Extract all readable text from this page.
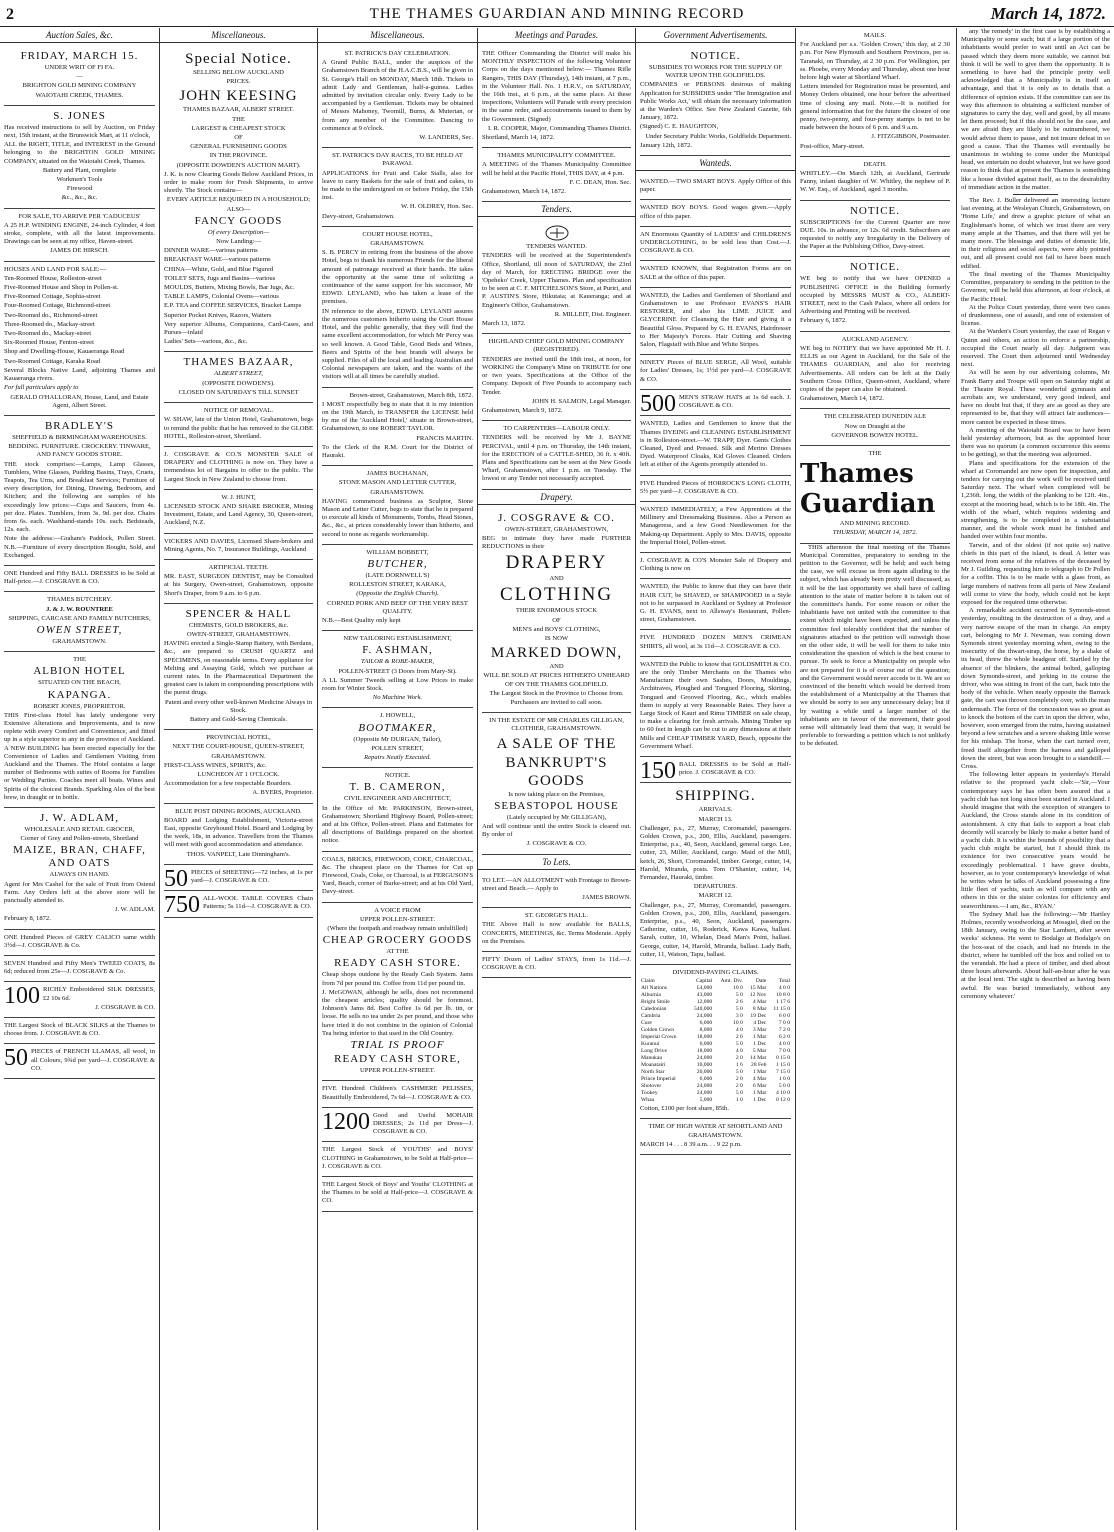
2	THE THAMES GUARDIAN AND MINING RECORD	March 14, 1872.
Auction Sales, &c.

FRIDAY, MARCH 15.

UNDER WRIT OF FI FA.

—

BRIGHTON GOLD MINING COMPANY

WAIOTAHI CREEK, THAMES.

S. JONES

Has received instructions to sell by Auction, on Friday next, 15th instant, at the Brunswick Mart, at 11 o'clock,

ALL the RIGHT, TITLE, and INTEREST in the Ground belonging to the BRIGHTON GOLD MINING COMPANY, situated on the Waiotahi Creek, Thames.

Battery and Plant, complete

Workmen's Tools

Firewood

&c., &c., &c.

FOR SALE, TO ARRIVE PER 'CADUCEUS'

A 25 H.P. WINDING ENGINE, 24-inch Cylinder, 4 feet stroke, complete, with all the latest improvements. Drawings can be seen at my office, Haven-street.

JAMES DE HIRSCH.

HOUSES AND LAND FOR SALE:—

Ten-Roomed House, Rolleston-street

Five-Roomed House and Shop in Pollen-st.

Five-Roomed Cottage, Sophia-street

Four-Roomed Cottage, Richmond-street

Two-Roomed do., Richmond-street

Three-Roomed do., Mackay-street

Two-Roomed do., Mackay-street

Six-Roomed House, Fenton-street

Shop and Dwelling-House, Kauaeranga Road

Two-Roomed Cottage, Karaka Road

Several Blocks Native Land, adjoining Thames and Kauaeranga rivers.

For full particulars apply to

GERALD O'HALLORAN, House, Land, and Estate Agent, Albert Street.

BRADLEY'S

SHEFFIELD & BIRMINGHAM WAREHOUSES.

BEDDING. FURNITURE. CROCKERY. TINWARE, AND FANCY GOODS STORE.

THE stock comprises:—Lamps, Lamp Glasses, Tumblers, Wine Glasses, Pudding Basins, Trays, Cruets, Teapots, Tea Urns, and Breakfast Services; Furniture of every description, for Dining, Drawing, Bedroom, and Kitchen; and the following are samples of his exceedingly low prices:—Cups and Saucers, from 4s. per doz. Plates. Tumblers, from 3s. 9d. per doz. Chairs from 6s. each. Washhand-stands 10s. each. Bedsteads, 12s. each.

Note the address:—Graham's Paddock, Pollen Street. N.B.—Furniture of every description Bought, Sold, and Exchanged.

ONE Hundred and Fifty BALL DRESSES to be Sold at Half-price.—J. COSGRAVE & CO.

THAMES BUTCHERY.

J. & J. W. ROUNTREE

SHIPPING, CARCASE AND FAMILY BUTCHERS,

OWEN STREET,

GRAHAMSTOWN.

THE

ALBION HOTEL

SITUATED ON THE BEACH,

KAPANGA.

ROBERT JONES, PROPRIETOR.

THIS First-class Hotel has lately undergone very Extensive Alterations and Improvements, and is now replete with every Comfort and Convenience, and fitted up in a style superior to any in the province of Auckland. A NEW BUILDING has been erected especially for the Convenience of Ladies and Gentlemen Visiting from Auckland and the Thames. The Hotel contains a large number of Bedrooms with suites of Rooms for Families or Wedding Parties. Coaches meet all boats. Wines and Spirits of the choicest Brands. Sparkling Ales of the best brew, in draught or in bottle.

J. W. ADLAM,

WHOLESALE AND RETAIL GROCER,

Corner of Grey and Pollen-streets, Shortland

MAIZE, BRAN, CHAFF, AND OATS

ALWAYS ON HAND.

Agent for Mrs Cashel for the sale of Fruit from Ostend Farm. Any Orders left at the above store will be punctually attended to.

J. W. ADLAM.

February 8, 1872.

ONE Hundred Pieces of GREY CALICO same width 3½d—J. COSGRAVE & Co.

SEVEN Hundred and Fifty Men's TWEED COATS, 8s 6d; reduced from 25s—J. COSGRAVE & Co.

100 RICHLY Embroidered SILK DRESSES, £2 10s 6d.

J. COSGRAVE & CO.

THE Largest Stock of BLACK SILKS at the Thames to choose from. J. COSGRAVE & CO.

50 PIECES of FRENCH LLAMAS, all wool, in all Colours, 9¾d per yard—J. COSGRAVE & CO.

Miscellaneous.

Special Notice.

SELLING BELOW AUCKLAND

PRICES.

JOHN KEESING

THAMES BAZAAR, ALBERT STREET.

THE

LARGEST & CHEAPEST STOCK

OF

GENERAL FURNISHING GOODS

IN THE PROVINCE.

(OPPOSITE DOWDEN'S AUCTION MART).

J. K. is now Clearing Goods Below Auckland Prices, in order to make room for Fresh Shipments, to arrive shortly. The Stock contains—

EVERY ARTICLE REQUIRED IN A HOUSEHOLD;

ALSO—

FANCY GOODS

Of every Description—

Now Landing:—

DINNER WARE—various patterns

BREAKFAST WARE—various patterns

CHINA—White, Gold, and Blue Figured

TOILET SETS, Jugs and Basins—various

MOULDS, Butters, Mixing Bowls, Bar Jugs, &c.

TABLE LAMPS, Colonial Ovens—various

E.P. TEA and COFFEE SERVICES, Bracket Lamps

Superior Pocket Knives, Razors, Waiters

Very superior Albums, Companions, Card-Cases, and Purses—inlaid

Ladies' Sets—various, &c., &c.

THAMES BAZAAR,

ALBERT STREET,

(OPPOSITE DOWDEN'S).

CLOSED ON SATURDAY'S TILL SUNSET

NOTICE OF REMOVAL.

W. SHAW, late of the Union Hotel, Grahamstown, begs to remind the public that he has removed to the GLOBE HOTEL, Rolleston-street, Shortland.

J. COSGRAVE & CO.'S MONSTER SALE of DRAPERY and CLOTHING is now on. They have a tremendous lot of Bargains to offer to the public. The Largest Stock in New Zealand to choose from.

W. J. HUNT,

LICENSED STOCK AND SHARE BROKER, Mining Investment, Estate, and Land Agency, 30, Queen-street, Auckland, N.Z.

VICKERS AND DAVIES, Licensed Share-brokers and Mining Agents, No. 7, Insurance Buildings, Auckland

ARTIFICIAL TEETH.

MR. EAST, SURGEON DENTIST, may be Consulted at his Surgery, Owen-street, Grahamstown, opposite Short's Draper, from 9 a.m. to 6 p.m.

SPENCER & HALL

CHEMISTS, GOLD BROKERS, &c.

OWEN-STREET, GRAHAMSTOWN.

HAVING erected a Single-Stamp Battery, with Berdans, &c., are prepared to CRUSH QUARTZ and SPECIMENS, on reasonable terms. Every appliance for Melting and Assaying Gold, which we purchase at current rates. In the Pharmaceutical Department the greatest care is taken in compounding prescriptions with the purest drugs.

Patent and every other well-known Medicine Always in Stock.

Battery and Gold-Saving Chemicals.

PROVINCIAL HOTEL,

NEXT THE COURT-HOUSE, QUEEN-STREET,

GRAHAMSTOWN.

FIRST-CLASS WINES, SPIRITS, &c.

LUNCHEON AT 1 O'CLOCK.

Accommodation for a few respectable Boarders.

A. BYERS, Proprietor.

BLUE POST DINING ROOMS, AUCKLAND.

BOARD and Lodging Establishment, Victoria-street East, opposite Greyhound Hotel. Board and Lodging by the week, 18s, in advance. Travellers from the Thames will meet with good accommodation and attendance.

THOS. VANPELT, Late Dinningham's.

50 PIECES of SHEETING—72 inches, at 1s per yard—J. COSGRAVE & CO.

750 ALL-WOOL TABLE COVERS Chain Patterns; 5s 11d—J. COSGRAVE & CO.

Miscellaneous.

ST. PATRICK'S DAY CELEBRATION.

A Grand Public BALL, under the auspices of the Grahamstown Branch of the H.A.C.B.S., will be given in St. George's Hall on MONDAY, March 18th. Tickets to admit Lady and Gentleman, half-a-guinea. Ladies admitted by invitation circular only. Every Lady to be accompanied by a Gentleman. Tickets may be obtained of Messrs Mahoney, Twomill, Burns, & Mutertan, or from any member of the Committee. Dancing to commence at 9 o'clock.

W. LANDERS, Sec.

ST. PATRICK'S DAY RACES, TO BE HELD AT PARAWAI.

APPLICATIONS for Fruit and Cake Stalls, also for leave to carry Baskets for the sale of fruit and cakes, to be made to the undersigned on or before Friday, the 15th inst.

W. H. OLDREY, Hon. Sec.

Davy-street, Grahamstown.

COURT HOUSE HOTEL,

GRAHAMSTOWN.

S. B. PERCY in retiring from the business of the above Hotel, begs to thank his numerous Friends for the liberal amount of patronage received at their hands. He takes the opportunity at the same time of soliciting a continuance of the same support for his successor, Mr EDWD. LEYLAND, who has taken a lease of the premises.

IN reference to the above, EDWD. LEYLAND assures the numerous customers hitherto using the Court House Hotel, and the public generally, that they will find the same excellent accommodation, for which Mr Percy was so well known. A Good Table, Good Beds and Wines, Beers and Spirits of the best brands will always be supplied. Files of all the local and leading Australian and Colonial newspapers are taken, and the wants of the visitors will at all times be carefully studied.

Brown-street, Grahamstown, March 8th, 1872.

I MOST respectfully beg to state that it is my intention on the 19th March, to TRANSFER the LICENSE held by me of the 'Auckland Hotel,' situate in Brown-street, Grahamstown, to one ROBERT TAYLOR.

FRANCIS MARTIN.

To the Clerk of the R.M. Court for the District of Hauraki.

JAMES BUCHANAN,

STONE MASON AND LETTER CUTTER,

GRAHAMSTOWN.

HAVING commenced business as Sculptor, Stone Mason and Letter Cutter, begs to state that he is prepared to execute all kinds of Monuments, Tombs, Head Stones, &c., &c., at prices considerably lower than hitherto, and second to none as regards workmanship.

WILLIAM BOBBETT,

BUTCHER,

(LATE DORNWELL'S)

ROLLESTON STREET, KARAKA,

(Opposite the English Church).

CORNED PORK AND BEEF OF THE VERY BEST QUALITY.

N.B.—Best Quality only kept

NEW TAILORING ESTABLISHMENT,

F. ASHMAN,

TAILOR & ROBE-MAKER,

POLLEN-STREET (3 Doors from Mary-St).

A LL Summer Tweeds selling at Low Prices to make room for Winter Stock.

No Machine Work.

J. HOWELL,

BOOTMAKER,

(Opposite Mr DURGAN, Tailor),

POLLEN STREET,

Repairs Neatly Executed.

NOTICE.

T. B. CAMERON,

CIVIL ENGINEER AND ARCHITECT,

In the Office of Mr. PARKINSON, Brown-street, Grahamstown; Shortland Highway Board, Pollen-street; and at his Office, Pollen-street. Plans and Estimates for all descriptions of Buildings prepared on the shortest notice.

COALS, BRICKS, FIREWOOD, COKE, CHARCOAL, &c. The cheapest place on the Thames for Cut up Firewood, Coals, Coke, or Charcoal, is at FERGUSON'S Yard, Beach, corner of Burke-street; and at his Old Yard, Davy-street.

A VOICE FROM

UPPER POLLEN-STREET.

(Where the footpath and roadway remain unfulfilled)

CHEAP GROCERY GOODS

AT THE

READY CASH STORE.

Cheap shops outdone by the Ready Cash System. Jams from 7d per pound tin. Coffee from 11d per pound tin.

J. McGOWAN, although he sells, does not recommend the cheapest articles; quality should be foremost. Johnson's Jams 8d. Best Coffee 1s 6d per lb. tin, or loose. He sells no tea under 2s per pound, and those who have tried it do not combine in the opinion of Colonial Tea being inferior to that used in the Old Country.

TRIAL IS PROOF

READY CASH STORE,

UPPER POLLEN-STREET.

FIVE Hundred Children's CASHMERE PELISSES, Beautifully Embroidered, 7s 6d—J. COSGRAVE & CO.

1200 Good and Useful MOHAIR DRESSES; 2s 11d per Dress—J. COSGRAVE & CO.

THE Largest Stock of YOUTHS' and BOYS' CLOTHING in Grahamstown, to be Sold at Half-price—J. COSGRAVE & CO.

THE Largest Stock of Boys' and Youths' CLOTHING at the Thames to be sold at Half-price—J. COSGRAVE & CO.

Meetings and Parades.

THE Officer Commanding the District will make his MONTHLY INSPECTION of the following Volunteer Corps on the days mentioned below:— Thames Rifle Rangers, THIS DAY (Thursday), 14th instant, at 7 p.m., in the Volunteer Hall. No. 1 H.R.V., on SATURDAY, the 16th inst., at 6 p.m., at the same place. At these inspections, Volunteers will Parade with every precision in the same order, and accoutrements issued to them by the Government. (Signed)

I. R. COOPER, Major, Commanding Thames District.

Shortland, March 14, 1872.

THAMES MUNICIPALITY COMMITTEE.

A MEETING of the Thames Municipality Committee will be held at the Pacific Hotel, THIS DAY, at 4 p.m.

F. C. DEAN, Hon. Sec.

Grahamstown, March 14, 1872.

Tenders.

TENDERS WANTED.

TENDERS will be received at the Superintendent's Office, Shortland, till noon of SATURDAY, the 23rd day of March, for ERECTING BRIDGE over the 'Opeheko' Creek, Upper Thames. Plan and specification to be seen at C. F. MITCHELSON'S Store, at Puriri, and P. AUSTIN'S Store, Hikutaia; at Kaueranga; and at Engineer's Office, Grahamstown.

R. MILLEIT, Dist. Engineer.

March 13, 1872.

HIGHLAND CHIEF GOLD MINING COMPANY (REGISTERED).

TENDERS are invited until the 18th inst., at noon, for WORKING the Company's Mine on TRIBUTE for one or two years. Specifications at the Office of the Company. Deposit of Five Pounds to accompany each Tender.

JOHN H. SALMON, Legal Manager.

Grahamstown, March 9, 1872.

TO CARPENTERS—LABOUR ONLY.

TENDERS will be received by Mr J. BAYNE PERCIVAL, until 4 p.m. on Thursday, the 14th instant, for the ERECTION of a CATTLE-SHED, 36 ft. x 40ft. Plans and Specifications can be seen at the New Goods Wharf, Grahamstown, after 1 p.m. on Tuesday. The lowest or any Tender not necessarily accepted.

Drapery.

J. COSGRAVE & CO.

OWEN-STREET, GRAHAMSTOWN,

BEG to intimate they have made FURTHER REDUCTIONS in their

DRAPERY

AND

CLOTHING

THEIR ENORMOUS STOCK

OF

MEN'S and BOYS' CLOTHING,

IS NOW

MARKED DOWN,

AND

WILL BE SOLD AT PRICES HITHERTO UNHEARD OF ON THE THAMES GOLDFIELD.

The Largest Stock in the Province to Choose from.

Purchasers are invited to call soon.

IN THE ESTATE OF MR CHARLES GILLIGAN, CLOTHIER, GRAHAMSTOWN.

A SALE OF THE

BANKRUPT'S GOODS

Is now taking place on the Premises,

SEBASTOPOL HOUSE

(Lately occupied by Mr GILLIGAN),

And will continue until the entire Stock is cleared out. By order of

J. COSGRAVE & CO.

To Lets.

TO LET.—AN ALLOTMENT with Frontage to Brown-street and Beach.— Apply to

JAMES BROWN.

ST. GEORGE'S HALL.

THE Above Hall is now available for BALLS, CONCERTS, MEETINGS, &c. Terms Moderate. Apply on the Premises.

FIFTY Dozen of Ladies' STAYS, from 1s 11d.—J. COSGRAVE & CO.

Government Advertisements.

NOTICE.

SUBSIDIES TO WORKS FOR THE SUPPLY OF WATER UPON THE GOLDFIELDS.

COMPANIES or PERSONS desirous of making Application for SUBSIDIES under 'The Immigration and Public Works Act,' will obtain the necessary information at the Warden's Office. See New Zealand Gazette, 6th January, 1872.

(Signed) C. E. HAUGHTON,

Under Secretary Public Works, Goldfields Department.

January 12th, 1872.

Wanteds.

WANTED.—TWO SMART BOYS. Apply Office of this paper.

WANTED BOY BOYS. Good wages given.—Apply office of this paper.

AN Enormous Quantity of LADIES' and CHILDREN'S UNDERCLOTHING, to be sold less than Cost.—J. COSGRAVE & CO.

WANTED KNOWN, that Registration Forms are on SALE at the office of this paper.

WANTED, the Ladies and Gentlemen of Shortland and Grahamstown to use Professor EVANS'S HAIR RESTORER, and also his LIME JUICE and GLYCERINE for Cleansing the Hair and giving it a Beautiful Gloss. Prepared by G. H. EVANS, Hairdresser to Her Majesty's Forces. Hair Cutting and Shaving Salon, Flagstaff with Blue and White Stripes.

NINETY Pieces of BLUE SERGE, All Wool, suitable for Ladies' Dresses, 1s; 1½d per yard—J. COSGRAVE & CO.

500 MEN'S STRAW HATS at 1s 6d each. J. COSGRAVE & CO.

WANTED, Ladies and Gentlemen to know that the Thames DYEING and CLEANING ESTABLISHMENT is in Rolleston-street.—W. TRAPP, Dyer. Gents Clothes Cleaned, Dyed and Pressed. Silk and Merino Dresses Dyed. Waterproof Cloaks, Kid Gloves Cleaned. Orders left at either of the Agents promptly attended to.

FIVE Hundred Pieces of HORROCK'S LONG CLOTH, 5½ per yard—J. COSGRAVE & CO.

WANTED IMMEDIATELY, a Few Apprentices at the Millinery and Dressmaking Business. Also a Person as Manageress, and a few Good Needlewomen for the Making-up Department. Apply to Mrs. DAVIS, opposite the Imperial Hotel, Pollen-street.

J. COSGRAVE & CO'S Monster Sale of Drapery and Clothing is now on

WANTED, the Public to know that they can have their HAIR CUT, be SHAVED, or SHAMPOOED in a Style not to be surpassed in Auckland or Sydney at Professor G. H. EVANS, next to Allsway's Restaurant, Pollen-street, Grahamstown.

FIVE HUNDRED DOZEN MEN'S CRIMEAN SHIRTS, all wool, at 3s 11d—J. COSGRAVE & CO.

WANTED the Public to know that GOLDSMITH & CO. are the only Timber Merchants on the Thames who Manufacture their own Sashes, Doors, Mouldings, Architraves, Ploughed and Tongued Flooring, Skirting, Tongued and Grooved Flooring, &c., which enables them to supply at very Reasonable Rates. They have a Large Stock of Kauri and Rimu TIMBER on sale cheap, to make a clearing for fresh arrivals. Mining Timber up to 60 feet in length can be cut to any dimensions at their Mills and CHEAP TIMBER YARD, Beach, opposite the Government Wharf.

150 BALL DRESSES to be Sold at Half-price. J. COSGRAVE & CO.

SHIPPING.

ARRIVALS.

MARCH 13.

Challenger, p.s., 27, Murray, Coromandel, passengers. Golden Crown, p.s., 200, Ellis, Auckland, passengers. Enterprise, p.s., 40, Seon, Auckland, general cargo. Lee, cutter, 23, Miller, Auckland, cargo. Maid of the Mill, ketch, 26, Short, Coromandel, timber. George, cutter, 14, Harold, Miranda, posts. Tom O'Shanter, cutter, 14, Fernandez, Hauraki, timber.

DEPARTURES.

MARCH 12.

Challenger, p.s., 27, Murray, Coromandel, passengers. Golden Crown, p.s., 200, Ellis, Auckland, passengers. Enterprise, p.s., 40, Seon, Auckland, passengers. Catherine, cutter, 16, Roderick, Kawa Kawa, ballast. Sarah, cutter, 10, Whelan, Dead Man's Point, ballast. George, cutter, 14, Harold, Miranda, ballast. Lady Bath, cutter, 11, Watson, Tapu, ballast.

DIVIDEND-PAYING CLAIMS.

Claim	Capital	Amt. Div.	Date	Total
All Nations	£4,000	10 0	15 Mar	4 0 0
Alburnia	43,000	5 0	12 Nov	10 8 0
Bright Smile	12,000	2 6	4 Mar	1 17 6
Caledonian	540,000	5 0	8 Mar	11 15 0
Cambria	24,000	3 0	19 Dec	6 0 0
Cure	6,000	10 0	4 Dec	7 0 0
Golden Crown	8,000	4 0	3 Mar	7 2 0
Imperial Crown	18,000	2 6	1 Mar	6 2 0
Kuranui	6,000	5 0	1 Dec	4 0 0
Long Drive	18,000	4 0	5 Mar	7 0 0
Manukau	24,000	2 0	14 Mar	0 15 0
Moanatairi	10,000	1 6	28 Feb	1 15 0
North Star	20,000	5 0	1 Mar	7 15 0
Prince Imperial	6,000	2 0	4 Mar	1 0 0
Shotover	24,000	2 0	6 Mar	5 0 0
Tookey	24,000	5 0	1 Mar	4 10 0
Whau	5,000	1 0	1 Dec	0 12 0

Cotton, £100 per foot share, 85th.

TIME OF HIGH WATER AT SHORTLAND AND GRAHAMSTOWN.

MARCH 14 . . . 8 39 a.m. . . 9 22 p.m.

MAILS.

For Auckland per s.s. 'Golden Crown,' this day, at 2 30 p.m. For New Plymouth and Southern Provinces, per ss. Taranaki, on Thursday, at 2 30 p.m. For Wellington, per ss. Phoebe, every Monday and Thursday, about one hour before high water at Shortland Wharf.

Letters intended for Registration must be presented, and Money Orders obtained, one hour before the advertised time of closing any mail. Note.—It is notified for general information that for the future the closure of one penny, two-penny, and four-penny stamps is not to be made between the hours of 6 p.m. and 9 a.m.

J. FITZGIBBON, Postmaster.

Post-office, Mary-street.

DEATH.

WHITLEY.—On March 12th, at Auckland, Gertrude Fanny, infant daughter of W. Whitley, the nephew of P. W. W. Esq., of Auckland, aged 3 months.

NOTICE.

SUBSCRIPTIONS for the Current Quarter are now DUE. 10s. in advance, or 12s. 6d credit. Subscribers are requested to notify any Irregularity in the Delivery of the Paper at the Publishing Office, Davy-street.

NOTICE.

WE beg to notify that we have OPENED a PUBLISHING OFFICE in the Building formerly occupied by MESSRS MUST & CO., ALBERT-STREET, next to the Cash Palace, where all orders for Advertising and Printing will be received.

February 6, 1872.

AUCKLAND AGENCY.

WE beg to NOTIFY that we have appointed Mr H. J. ELLIS as our Agent in Auckland, for the Sale of the THAMES GUARDIAN, and also for receiving Advertisements. All orders can be left at the Daily Southern Cross Office, Queen-street, Auckland, where copies of the paper can also be obtained.

Grahamstown, March 14, 1872.

THE CELEBRATED DUNEDIN ALE

Now on Draught at the

GOVERNOR BOWEN HOTEL.

THE

Thames Guardian

AND MINING RECORD.

THURSDAY, MARCH 14, 1872.

THIS afternoon the final meeting of the Thames Municipal Committee, preparatory to sending in the petition to the Governor, will be held; and such being the case, we will excuse us from again alluding to the subject, which has already been pretty well discussed, as it will be the last opportunity we shall have of calling attention to the state of matter before it is taken out of the committee's hands. For some reason or other the inhabitants have not united with the committee to that extent which might have been expected, and unless the committee feel tolerably confident that the number of signatures attached to the petition will outweigh those on the other side, it will be well for them to take into consideration the question of which is the best course to pursue. To seek to force a Municipality on people who are not prepared for it is of course out of the question; and the Government would never accede to it. We are so convinced of the benefit which would be derived from the establishment of a Municipality at the Thames that we should be sorry to see any unnecessary delay; but if by waiting a while until a larger number of the inhabitants are in favour of the movement, their good sense will ultimately lead them that way, it would be preferable to forwarding a petition which is not unlikely to be defeated.

any 'the remedy' in the first case is by establishing a Municipality or some such; but if a large portion of the inhabitants would prefer to wait until an Act can be passed which they deem more suitable, we cannot but think it will be well to give them the opportunity. It is something to have had the principle pretty well acknowledged that a Municipality is in itself an advantage, and that it is only as to details that a difference of opinion exists. If the committee can see its way this afternoon to obtaining a sufficient number of signatures to carry the day, well and good, by all means let them proceed; but if this should not be the case, and we are afraid they are likely to be outnumbered, we would advise them to pause, and not insure defeat in so good a cause. That the Thames will eventually be unanimous in wishing to come under the Municipal head, we entertain no doubt whatever, but we have good reason to think that at present the Thames is something like a house divided against itself, as to the desirability of immediate action in the matter.

The Rev. J. Buller delivered an interesting lecture last evening, at the Wesleyan Church, Grahamstown, on 'Home Life,' and drew a graphic picture of what an Englishman's home, of which we trust there are very many ample at the Thames, and that there will yet be many more. The blessings and duties of domestic life, in their religious and social aspects, were ably pointed out, and all present could not fail to have been much edified.

The final meeting of the Thames Municipality Committee, preparatory to sending in the petition to the Governor, will be held this afternoon, at four o'clock, at the Pacific Hotel.

At the Police Court yesterday, there were two cases of drunkenness, one of assault, and one of extension of license.

At the Warden's Court yesterday, the case of Regan v Quinn and others, an action to enforce a partnership, occupied the Court nearly all day. Judgment was reserved. The Court then adjourned until Wednesday next.

As will be seen by our advertising columns, Mr Frank Barry and Troupe will open on Saturday night at the Theatre Royal. These wonderful gymnasts and acrobats are, we understand, very good indeed, and have no doubt but that, if they are as good as they are represented to be, that they will attract fair audiences—more cannot be expected in these times.

A meeting of the Waiotahi Board was to have been held yesterday afternoon, but as the appointed hour there was no quorum (a common occurrence this seems to be getting), so that the meeting was adjourned.

Plans and specifications for the extension of the wharf at Coromandel are now open for inspection, and tenders for carrying out the work will be received until Saturday next. The wharf when completed will be 1,236ft. long, the width of the planking to be 12ft. 4in., except at the mooring head, which is to be 18ft. 4in. The width of the wharf, which requires widening and strengthening, is to be completed in a substantial manner, and the whole work must be finished and handed over within four months.

Tarwin, and of the oldest (if not quite so) native chiefs in this part of the island, is dead. A letter was received from some of the relatives of the deceased by Mr J. Guilding, requesting him to telegraph to Dr Pollen for a coffin. This is to be made with a glass front, as large numbers of natives from all parts of New Zealand will come to view the body, which could not be kept exposed for the required time otherwise.

A remarkable accident occurred in Symonds-street yesterday, resulting in the destruction of a dray, and a very narrow escape of the man in charge. An empty cart, belonging to Mr J. Newman, was coming down Symonds street yesterday morning when, owing to the insecurity of the thwart-strap, the horse, by a shake of its head, threw the whole headgear off. Startled by the absence of the blinkers, the animal bolted, galloping down Symonds-street, and jerking in its course the driver, who was sitting in front of the cart, back into the body of the vehicle. When nearly opposite the Barrack gate, the cart was thrown completely over, with the man underneath. The force of the concussion was so great as to knock the bottom of the cart in upon the driver, who, however, soon emerged from the ruins, having sustained beyond a few scratches and a severe shaking little worse for his mishap. The horse, when the cart turned over, freed itself altogether from the harness and galloped down the street, but was soon brought to a standstill.—Cross.

The following letter appears in yesterday's Herald relative to the proposed yacht club:—'Sir,—Your contemporary says he has often been assured that a yacht club has not long since been started in Auckland. I should imagine that with the exception of strangers to Auckland, the Cross stands alone in its condition of astonishment. A city that fails to support a boat club decently will scarcely be likely to make a better hand of a yacht club. It is within the bounds of possibility that a yacht club might be started, but I should think its existence for two consecutive years would be exceedingly problematical. I have grave doubts, however, as to your contemporary's knowledge of what he writes when he talks of Auckland possessing a fine little fleet of yachts, such as will compare with any others in this or the sister colonies for efficiency and seaworthiness.—I am, &c., RYAN.'

The Sydney Mail has the following:—'Mr Hartley Holmes, recently woodworking at Mossgiel, died on the 18th January, owing to the Star Lambert, after seven weeks' sickness. He went to Bodalgo at Bodalgo's on the box-seat of the coach, and had no friends in the district, where he tumbled off the box and rolled on to the verandah. He had a piece of timber, and died about three hours afterwards. About half-an-hour after he was at the local tent. The sight is described as having been awful. He was buried immediately, without any ceremony whatever.'
